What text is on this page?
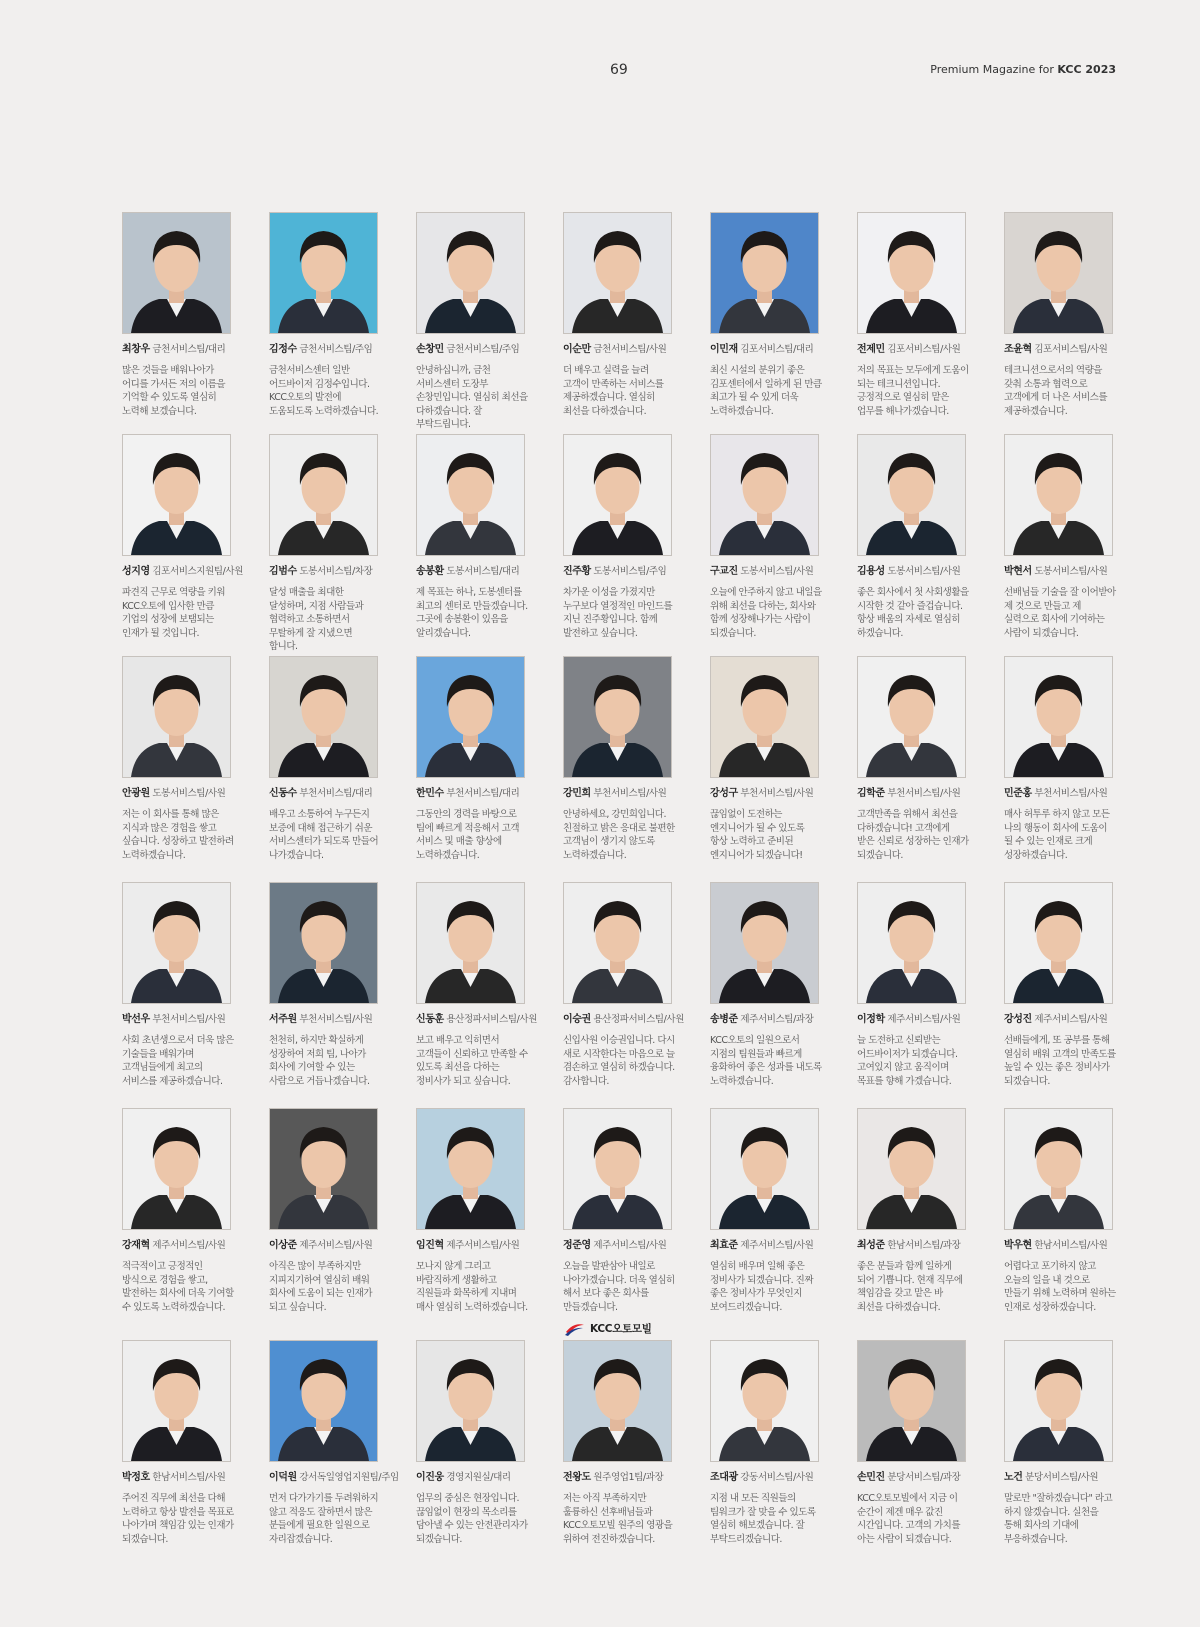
69	Premium Magazine for KCC 2023
최창우 금천서비스팀/대리
많은 것들을 배워나아가 어디를 가서든 저의 이름을 기억할 수 있도록 열심히 노력해 보겠습니다.
김정수 금천서비스팀/주임
금천서비스센터 일반 어드바이저 김정수입니다. KCC오토의 발전에 도움되도록 노력하겠습니다.
손창민 금천서비스팀/주임
안녕하십니까, 금천 서비스센터 도장부 손창민입니다. 열심히 최선을 다하겠습니다. 잘 부탁드립니다.
이순만 금천서비스팀/사원
더 배우고 실력을 늘려 고객이 만족하는 서비스를 제공하겠습니다. 열심히 최선을 다하겠습니다.
이민재 김포서비스팀/대리
최신 시설의 분위기 좋은 김포센터에서 일하게 된 만큼 최고가 될 수 있게 더욱 노력하겠습니다.
전제민 김포서비스팀/사원
저의 목표는 모두에게 도움이 되는 테크니션입니다. 긍정적으로 열심히 맡은 업무를 해나가겠습니다.
조윤혁 김포서비스팀/사원
테크니션으로서의 역량을 갖춰 소통과 협력으로 고객에게 더 나은 서비스를 제공하겠습니다.
성지영 김포서비스지원팀/사원
파견직 근무로 역량을 키워 KCC오토에 입사한 만큼 기업의 성장에 보탬되는 인재가 될 것입니다.
김범수 도봉서비스팀/차장
달성 매출을 최대한 달성하며, 지점 사람들과 협력하고 소통하면서 무탈하게 잘 지냈으면 합니다.
송봉환 도봉서비스팀/대리
제 목표는 하나, 도봉센터를 최고의 센터로 만들겠습니다. 그곳에 송봉환이 있음을 알리겠습니다.
진주황 도봉서비스팀/주임
차가운 이성을 가졌지만 누구보다 열정적인 마인드를 지닌 진주황입니다. 함께 발전하고 싶습니다.
구교진 도봉서비스팀/사원
오늘에 안주하지 않고 내일을 위해 최선을 다하는, 회사와 함께 성장해나가는 사람이 되겠습니다.
김용성 도봉서비스팀/사원
좋은 회사에서 첫 사회생활을 시작한 것 같아 즐겁습니다. 항상 배움의 자세로 열심히 하겠습니다.
박현서 도봉서비스팀/사원
선배님들 기술을 잘 이어받아 제 것으로 만들고 제 실력으로 회사에 기여하는 사람이 되겠습니다.
안광원 도봉서비스팀/사원
저는 이 회사를 통해 많은 지식과 많은 경험을 쌓고 싶습니다. 성장하고 발전하려 노력하겠습니다.
신동수 부천서비스팀/대리
배우고 소통하여 누구든지 보증에 대해 접근하기 쉬운 서비스센터가 되도록 만들어 나가겠습니다.
한민수 부천서비스팀/대리
그동안의 경력을 바탕으로 팀에 빠르게 적응해서 고객 서비스 및 매출 향상에 노력하겠습니다.
강민희 부천서비스팀/사원
안녕하세요, 강민희입니다. 친절하고 밝은 응대로 불편한 고객님이 생기지 않도록 노력하겠습니다.
강성구 부천서비스팀/사원
끊임없이 도전하는 엔지니어가 될 수 있도록 항상 노력하고 준비된 엔지니어가 되겠습니다!
김학준 부천서비스팀/사원
고객만족을 위해서 최선을 다하겠습니다! 고객에게 받은 신뢰로 성장하는 인재가 되겠습니다.
민준홍 부천서비스팀/사원
매사 허투루 하지 않고 모든 나의 행동이 회사에 도움이 될 수 있는 인재로 크게 성장하겠습니다.
박선우 부천서비스팀/사원
사회 초년생으로서 더욱 많은 기술들을 배워가며 고객님들에게 최고의 서비스를 제공하겠습니다.
서주원 부천서비스팀/사원
천천히, 하지만 확실하게 성장하여 저희 팀, 나아가 회사에 기여할 수 있는 사람으로 거듭나겠습니다.
신동훈 용산정파서비스팀/사원
보고 배우고 익히면서 고객들이 신뢰하고 만족할 수 있도록 최선을 다하는 정비사가 되고 싶습니다.
이승권 용산정파서비스팀/사원
신입사원 이승권입니다. 다시 새로 시작한다는 마음으로 늘 겸손하고 열심히 하겠습니다. 감사합니다.
송병준 제주서비스팀/과장
KCC오토의 일원으로서 지점의 팀원들과 빠르게 융화하여 좋은 성과를 내도록 노력하겠습니다.
이정학 제주서비스팀/사원
늘 도전하고 신뢰받는 어드바이저가 되겠습니다. 고여있지 않고 움직이며 목표를 향해 가겠습니다.
강성진 제주서비스팀/사원
선배들에게, 또 공부를 통해 열심히 배워 고객의 만족도를 높일 수 있는 좋은 정비사가 되겠습니다.
강재혁 제주서비스팀/사원
적극적이고 긍정적인 방식으로 경험을 쌓고, 발전하는 회사에 더욱 기여할 수 있도록 노력하겠습니다.
이상준 제주서비스팀/사원
아직은 많이 부족하지만 지피지기하여 열심히 배워 회사에 도움이 되는 인재가 되고 싶습니다.
임진혁 제주서비스팀/사원
모나지 않게 그리고 바람직하게 생활하고 직원들과 화목하게 지내며 매사 열심히 노력하겠습니다.
정준영 제주서비스팀/사원
오늘을 발판삼아 내일로 나아가겠습니다. 더욱 열심히 해서 보다 좋은 회사를 만들겠습니다.
최효준 제주서비스팀/사원
열심히 배우며 일해 좋은 정비사가 되겠습니다. 진짜 좋은 정비사가 무엇인지 보여드리겠습니다.
최성준 한남서비스팀/과장
좋은 분들과 함께 일하게 되어 기쁩니다. 현재 직무에 책임감을 갖고 맡은 바 최선을 다하겠습니다.
박우현 한남서비스팀/사원
어렵다고 포기하지 않고 오늘의 일을 내 것으로 만들기 위해 노력하며 원하는 인재로 성장하겠습니다.
박정호 한남서비스팀/사원
주어진 직무에 최선을 다해 노력하고 항상 발전을 목표로 나아가며 책임감 있는 인재가 되겠습니다.
이덕원 강서독일영업지원팀/주임
먼저 다가가기를 두려워하지 않고 적응도 잘하면서 많은 분들에게 필요한 일원으로 자리잡겠습니다.
이진웅 경영지원실/대리
업무의 중심은 현장입니다. 끊임없이 현장의 목소리를 담아낼 수 있는 안전관리자가 되겠습니다.
전왕도 원주영업1팀/과장
저는 아직 부족하지만 훌륭하신 선후배님들과 KCC오토모빌 원주의 영광을 위하여 전진하겠습니다.
조대광 강동서비스팀/사원
지점 내 모든 직원들의 팀워크가 잘 맞을 수 있도록 열심히 해보겠습니다. 잘 부탁드리겠습니다.
손민진 분당서비스팀/과장
KCC오토모빌에서 지금 이 순간이 제겐 매우 값진 시간입니다. 고객의 가치를 아는 사람이 되겠습니다.
노건 분당서비스팀/사원
말로만 "잘하겠습니다" 라고 하지 않겠습니다. 실천을 통해 회사의 기대에 부응하겠습니다.
KCC오토모빌
